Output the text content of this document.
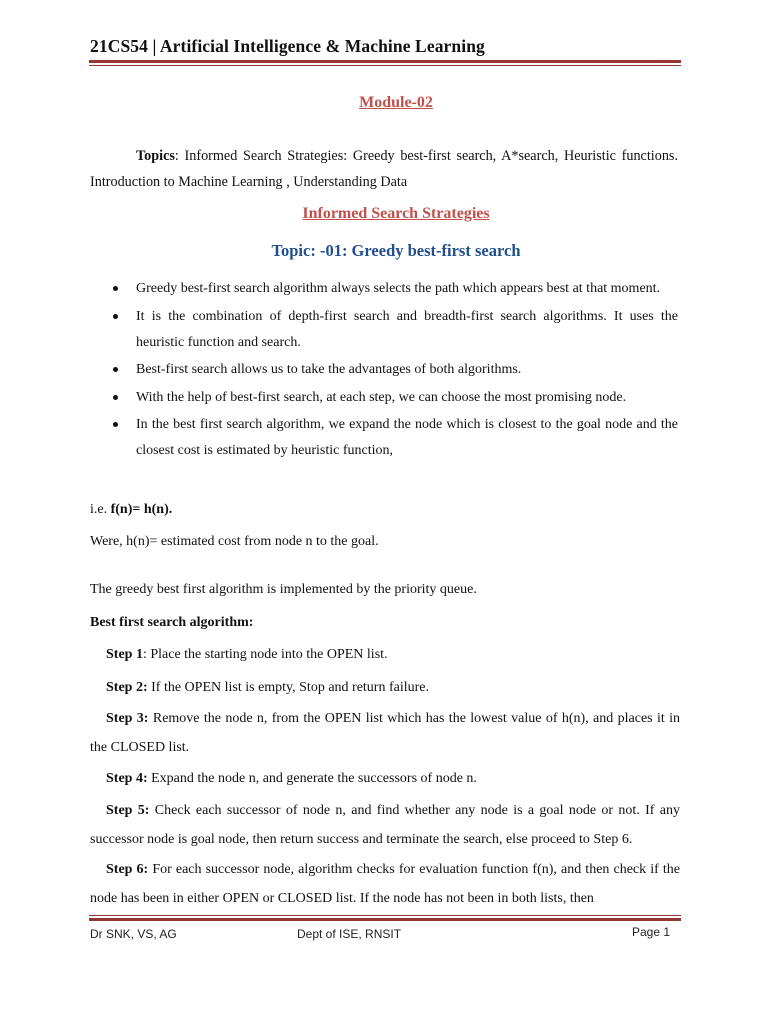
21CS54 | Artificial Intelligence & Machine Learning
Module-02
Topics: Informed Search Strategies: Greedy best-first search, A*search, Heuristic functions. Introduction to Machine Learning , Understanding Data
Informed Search Strategies
Topic: -01: Greedy best-first search
Greedy best-first search algorithm always selects the path which appears best at that moment.
It is the combination of depth-first search and breadth-first search algorithms. It uses the heuristic function and search.
Best-first search allows us to take the advantages of both algorithms.
With the help of best-first search, at each step, we can choose the most promising node.
In the best first search algorithm, we expand the node which is closest to the goal node and the closest cost is estimated by heuristic function,
i.e. f(n)= h(n).
Were, h(n)= estimated cost from node n to the goal.
The greedy best first algorithm is implemented by the priority queue.
Best first search algorithm:
Step 1: Place the starting node into the OPEN list.
Step 2: If the OPEN list is empty, Stop and return failure.
Step 3: Remove the node n, from the OPEN list which has the lowest value of h(n), and places it in the CLOSED list.
Step 4: Expand the node n, and generate the successors of node n.
Step 5: Check each successor of node n, and find whether any node is a goal node or not. If any successor node is goal node, then return success and terminate the search, else proceed to Step 6.
Step 6: For each successor node, algorithm checks for evaluation function f(n), and then check if the node has been in either OPEN or CLOSED list. If the node has not been in both lists, then
Dr SNK, VS, AG	Dept of ISE, RNSIT	Page 1
